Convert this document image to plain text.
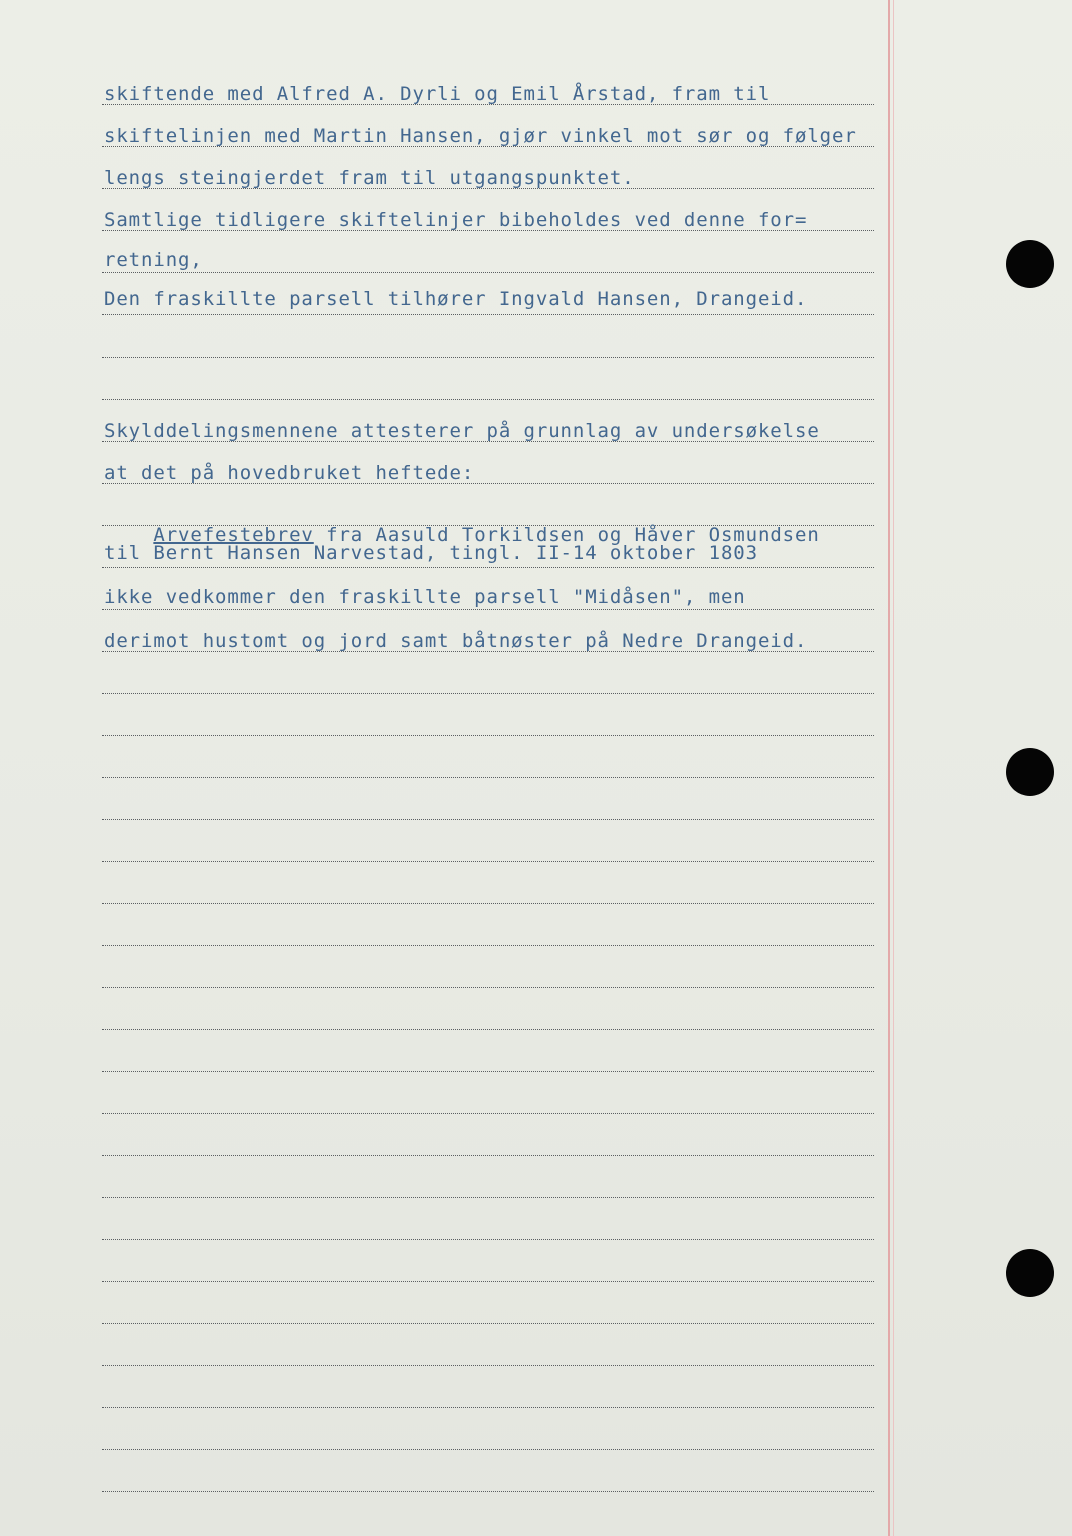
skiftende med Alfred A. Dyrli og Emil Årstad, fram til
skiftelinjen med Martin Hansen, gjør vinkel mot sør og følger
lengs steingjerdet fram til utgangspunktet.
Samtlige tidligere skiftelinjer bibeholdes ved denne for=
retning,
Den fraskillte parsell tilhører Ingvald Hansen, Drangeid.
Skylddelingsmennene attesterer på grunnlag av undersøkelse
at det på hovedbruket heftede:

Arvefestebrev fra Aasuld Torkildsen og Håver Osmundsen

til Bernt Hansen Narvestad, tingl. II-14 oktober 1803
ikke vedkommer den fraskillte parsell "Midåsen", men
derimot hustomt og jord samt båtnøster på Nedre Drangeid.
